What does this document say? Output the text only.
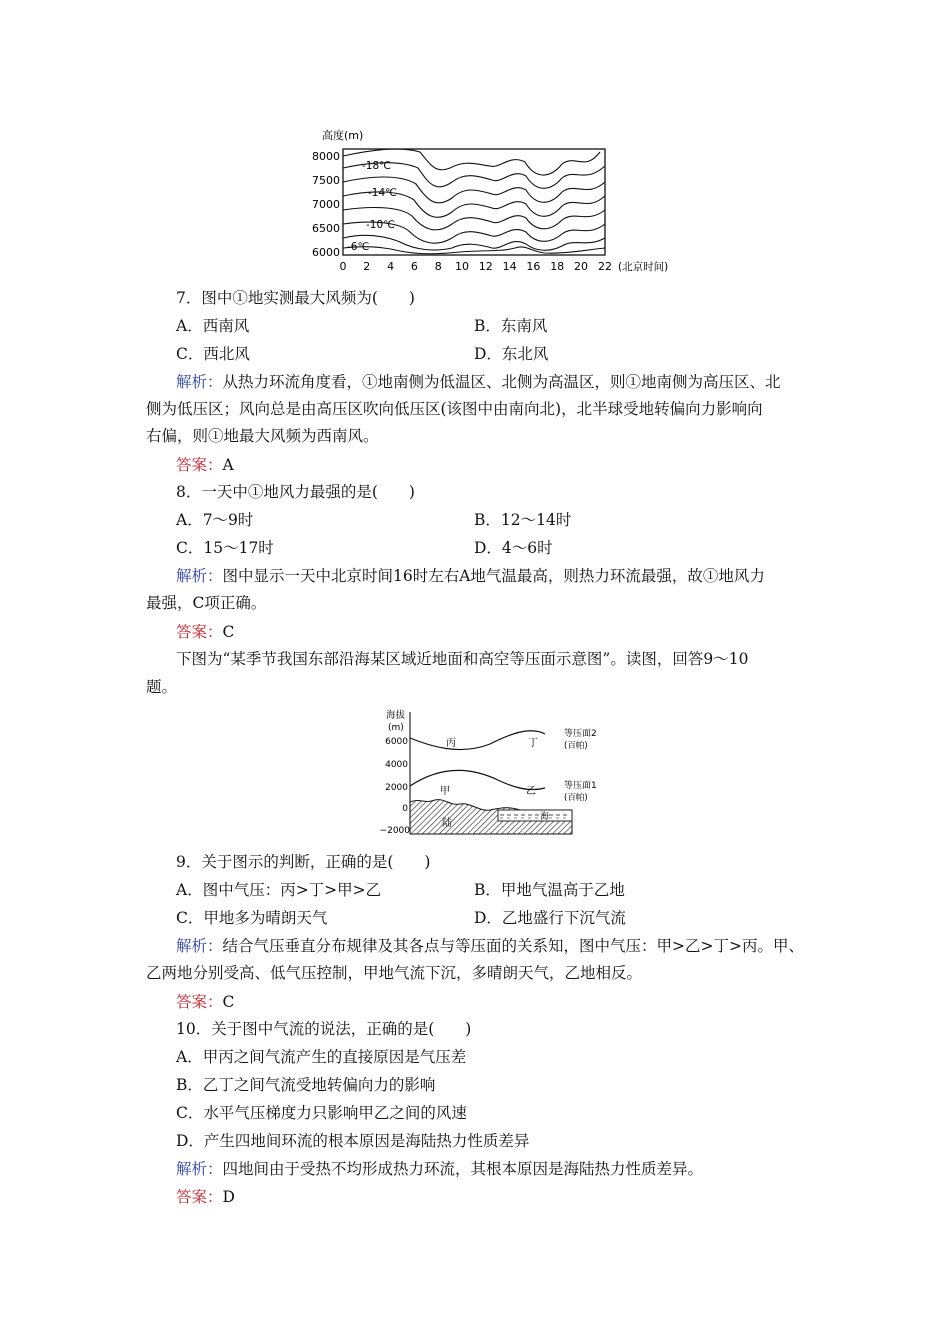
高度(m)
8000
7500
7000
6500
6000
-18℃
-14℃
-10℃
-6℃
0 2 4 6 8 10 12 14 16 18 20 22 (北京时间)
7．图中①地实测最大风频为(　　)
A．西南风	B．东南风
C．西北风	D．东北风
解析：从热力环流角度看，①地南侧为低温区、北侧为高温区，则①地南侧为高压区、北
侧为低压区；风向总是由高压区吹向低压区(该图中由南向北)，北半球受地转偏向力影响向
右偏，则①地最大风频为西南风。
答案：A
8．一天中①地风力最强的是(　　)
A．7～9时	B．12～14时
C．15～17时	D．4～6时
解析：图中显示一天中北京时间16时左右A地气温最高，则热力环流最强，故①地风力
最强，C项正确。
答案：C
下图为“某季节我国东部沿海某区域近地面和高空等压面示意图”。读图，回答9～10
题。
海拔
(m)
6000
4000
2000
0
−2000
丙	丁
甲	乙
陆
海
等压面2
(百帕)
等压面1
(百帕)
9．关于图示的判断，正确的是(　　)
A．图中气压：丙>丁>甲>乙	B．甲地气温高于乙地
C．甲地多为晴朗天气	D．乙地盛行下沉气流
解析：结合气压垂直分布规律及其各点与等压面的关系知，图中气压：甲>乙>丁>丙。甲、
乙两地分别受高、低气压控制，甲地气流下沉，多晴朗天气，乙地相反。
答案：C
10．关于图中气流的说法，正确的是(　　)
A．甲丙之间气流产生的直接原因是气压差
B．乙丁之间气流受地转偏向力的影响
C．水平气压梯度力只影响甲乙之间的风速
D．产生四地间环流的根本原因是海陆热力性质差异
解析：四地间由于受热不均形成热力环流，其根本原因是海陆热力性质差异。
答案：D
